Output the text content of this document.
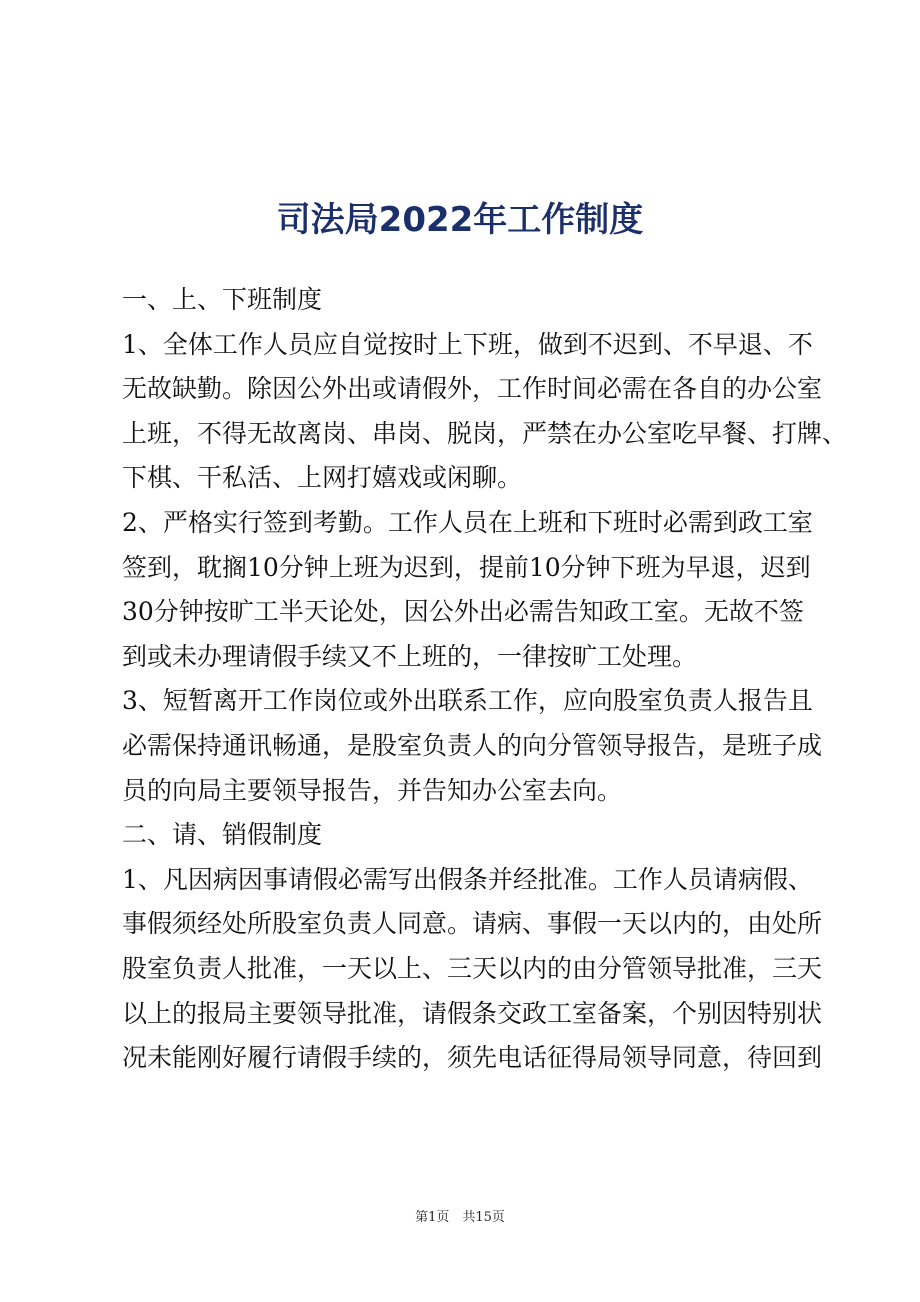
司法局2022年工作制度
一、上、下班制度
1、全体工作人员应自觉按时上下班，做到不迟到、不早退、不
无故缺勤。除因公外出或请假外，工作时间必需在各自的办公室
上班，不得无故离岗、串岗、脱岗，严禁在办公室吃早餐、打牌、
下棋、干私活、上网打嬉戏或闲聊。
2、严格实行签到考勤。工作人员在上班和下班时必需到政工室
签到，耽搁10分钟上班为迟到，提前10分钟下班为早退，迟到
30分钟按旷工半天论处，因公外出必需告知政工室。无故不签
到或未办理请假手续又不上班的，一律按旷工处理。
3、短暂离开工作岗位或外出联系工作，应向股室负责人报告且
必需保持通讯畅通，是股室负责人的向分管领导报告，是班子成
员的向局主要领导报告，并告知办公室去向。
二、请、销假制度
1、凡因病因事请假必需写出假条并经批准。工作人员请病假、
事假须经处所股室负责人同意。请病、事假一天以内的，由处所
股室负责人批准，一天以上、三天以内的由分管领导批准，三天
以上的报局主要领导批准，请假条交政工室备案，个别因特别状
况未能刚好履行请假手续的，须先电话征得局领导同意，待回到
第1页　共15页
